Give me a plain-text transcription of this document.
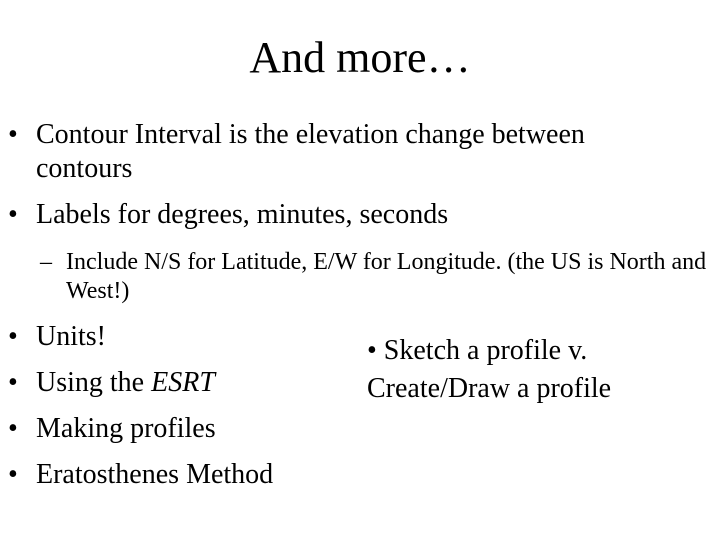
And more…
• Contour Interval is the elevation change between contours
• Labels for degrees, minutes, seconds
– Include N/S for Latitude, E/W for Longitude. (the US is North and West!)
• Units!
• Using the ESRT
• Making profiles
• Eratosthenes Method
• Sketch a profile v.
Create/Draw a profile
